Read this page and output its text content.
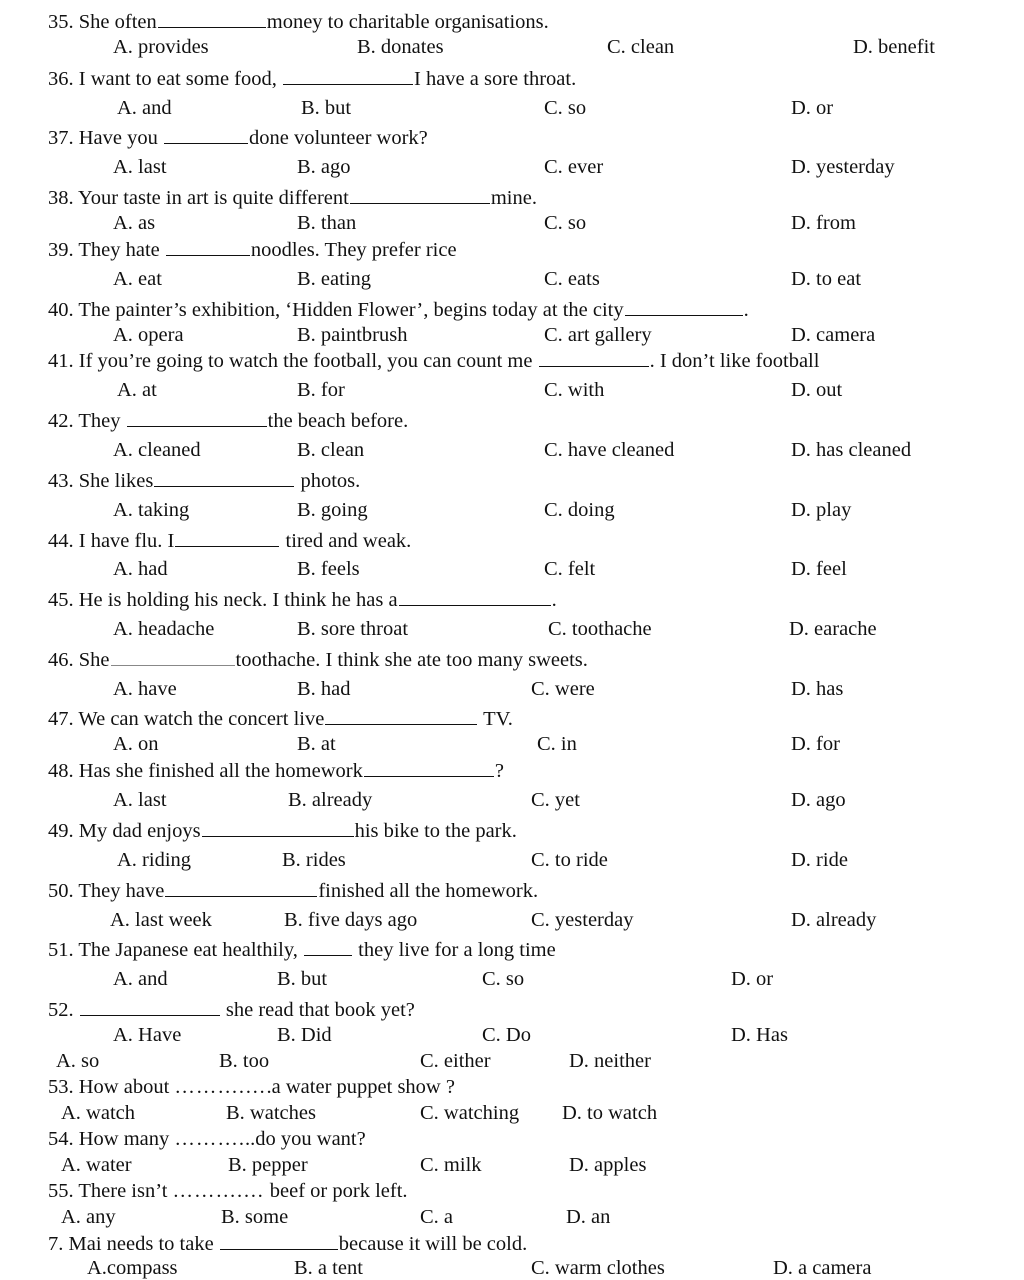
35. She often	money to charitable organisations.
A. provides	B. donates	C. clean	D. benefit
36. I want to eat some food,	I have a sore throat.
A. and	B. but	C. so	D. or
37. Have you	done volunteer work?
A. last	B. ago	C. ever	D. yesterday
38. Your taste in art is quite different	mine.
A. as	B. than	C. so	D. from
39. They hate	noodles. They prefer rice
A. eat	B. eating	C. eats	D. to eat
40. The painter’s exhibition, ‘Hidden Flower’, begins today at the city	.
A. opera	B. paintbrush	C. art gallery	D. camera
41. If you’re going to watch the football, you can count me	. I don’t like football
A. at	B. for	C. with	D. out
42. They	the beach before.
A. cleaned	B. clean	C. have cleaned	D. has cleaned
43. She likes	photos.
A. taking	B. going	C. doing	D. play
44. I have flu. I	tired and weak.
A. had	B. feels	C. felt	D. feel
45. He is holding his neck. I think he has a	.
A. headache	B. sore throat	C. toothache	D. earache
46. She	toothache. I think she ate too many sweets.
A. have	B. had	C. were	D. has
47. We can watch the concert live	TV.
A. on	B. at	C. in	D. for
48. Has she finished all the homework	?
A. last	B. already	C. yet	D. ago
49. My dad enjoys	his bike to the park.
A. riding	B. rides	C. to ride	D. ride
50. They have	finished all the homework.
A. last week	B. five days ago	C. yesterday	D. already
51. The Japanese eat healthily,	they live for a long time
A. and	B. but	C. so	D. or
52.	she read that book yet?
A. Have	B. Did	C. Do	D. Has
A. so	B. too	C. either	D. neither
53. How about ……….….a water puppet show ?
A. watch	B. watches	C. watching D. to watch
54. How many ………...do you want?
A. water	B. pepper	C. milk	D. apples
55. There isn’t ……….… beef or pork left.
A. any	B. some	C. a	D. an
7. Mai needs to take	because it will be cold.
A.compass	B. a tent	C. warm clothes	D. a camera
